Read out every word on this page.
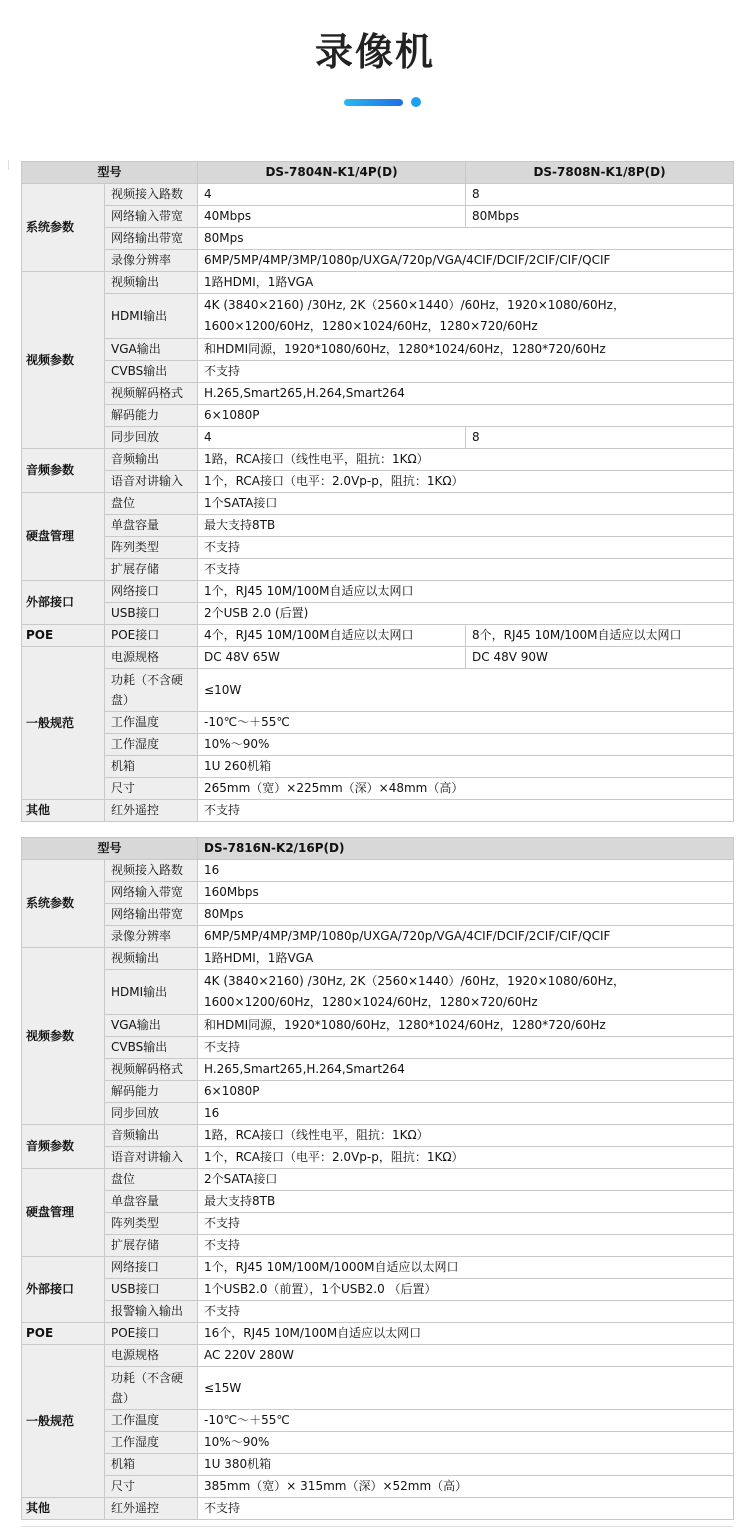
录像机
型号		DS-7804N-K1/4P(D)	DS-7808N-K1/8P(D)
系统参数	视频接入路数	4	8
	网络输入带宽	40Mbps	80Mbps
	网络输出带宽	80Mps	
	录像分辨率	6MP/5MP/4MP/3MP/1080p/UXGA/720p/VGA/4CIF/DCIF/2CIF/CIF/QCIF	
视频参数	视频输出	1路HDMI，1路VGA	
	HDMI输出	4K (3840×2160) /30Hz, 2K（2560×1440）/60Hz，1920×1080/60Hz，1600×1200/60Hz，1280×1024/60Hz，1280×720/60Hz	
	VGA输出	和HDMI同源，1920*1080/60Hz，1280*1024/60Hz，1280*720/60Hz	
	CVBS输出	不支持	
	视频解码格式	H.265,Smart265,H.264,Smart264	
	解码能力	6×1080P	
	同步回放	4	8
音频参数	音频输出	1路，RCA接口（线性电平，阻抗：1KΩ）	
	语音对讲输入	1个，RCA接口（电平：2.0Vp-p，阻抗：1KΩ）	
硬盘管理	盘位	1个SATA接口	
	单盘容量	最大支持8TB	
	阵列类型	不支持	
	扩展存储	不支持	
外部接口	网络接口	1个，RJ45 10M/100M自适应以太网口	
	USB接口	2个USB 2.0 (后置)	
POE	POE接口	4个，RJ45 10M/100M自适应以太网口	8个，RJ45 10M/100M自适应以太网口
一般规范	电源规格	DC 48V 65W	DC 48V 90W
	功耗（不含硬盘）	≤10W	
	工作温度	-10℃～＋55℃	
	工作湿度	10%～90%	
	机箱	1U 260机箱	
	尺寸	265mm（宽）×225mm（深）×48mm（高）	

其他	红外遥控	不支持	
型号		DS-7816N-K2/16P(D)
系统参数	视频接入路数	16
	网络输入带宽	160Mbps
	网络输出带宽	80Mps
	录像分辨率	6MP/5MP/4MP/3MP/1080p/UXGA/720p/VGA/4CIF/DCIF/2CIF/CIF/QCIF
视频参数	视频输出	1路HDMI，1路VGA
	HDMI输出	4K (3840×2160) /30Hz, 2K（2560×1440）/60Hz，1920×1080/60Hz，1600×1200/60Hz，1280×1024/60Hz，1280×720/60Hz
	VGA输出	和HDMI同源，1920*1080/60Hz，1280*1024/60Hz，1280*720/60Hz
	CVBS输出	不支持
	视频解码格式	H.265,Smart265,H.264,Smart264
	解码能力	6×1080P
	同步回放	16
音频参数	音频输出	1路，RCA接口（线性电平，阻抗：1KΩ）
	语音对讲输入	1个，RCA接口（电平：2.0Vp-p，阻抗：1KΩ）
硬盘管理	盘位	2个SATA接口
	单盘容量	最大支持8TB
	阵列类型	不支持
	扩展存储	不支持
外部接口	网络接口	1个，RJ45 10M/100M/1000M自适应以太网口
	USB接口	1个USB2.0（前置），1个USB2.0 （后置）
	报警输入输出	不支持
POE	POE接口	16个，RJ45 10M/100M自适应以太网口
一般规范	电源规格	AC 220V 280W
	功耗（不含硬盘）	≤15W
	工作温度	-10℃～＋55℃
	工作湿度	10%～90%
	机箱	1U 380机箱
	尺寸	385mm（宽）× 315mm（深）×52mm（高）

其他	红外遥控	不支持
